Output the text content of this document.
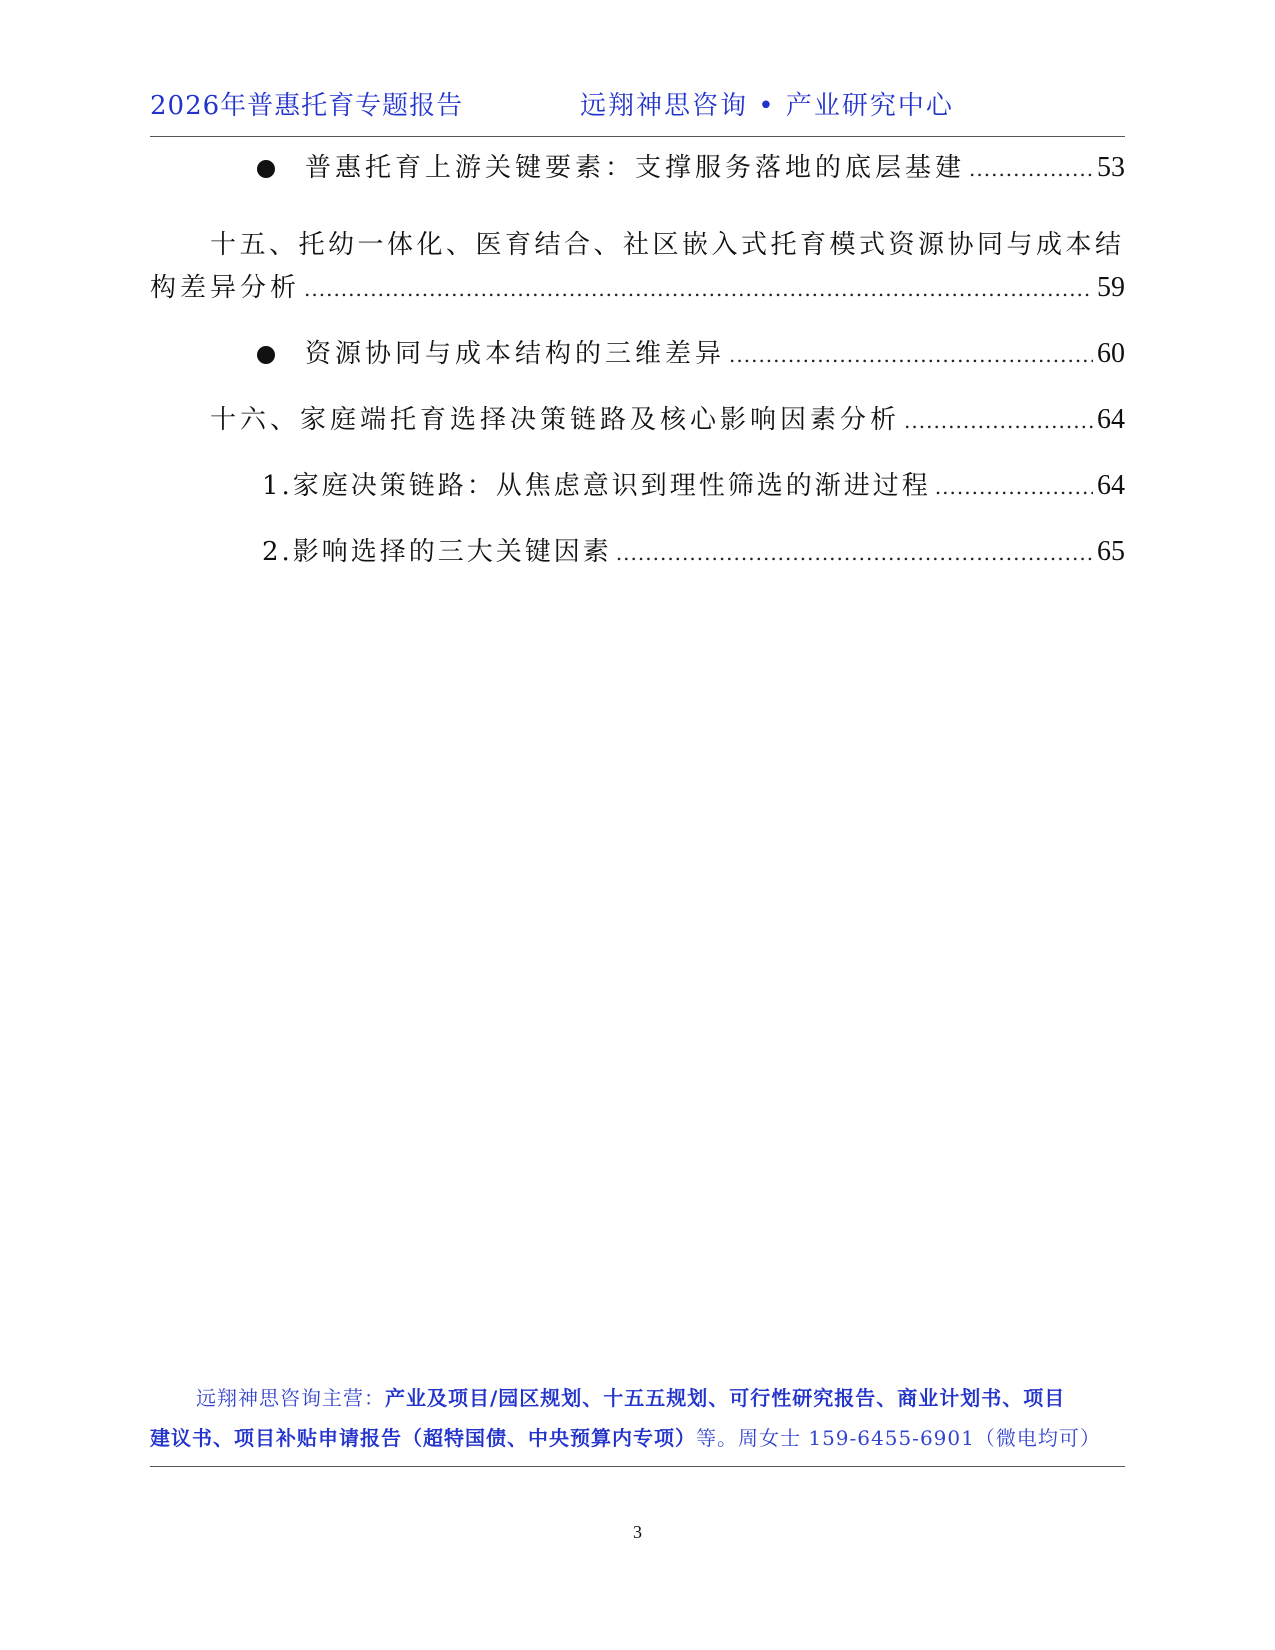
2026年普惠托育专题报告	远翔神思咨询 • 产业研究中心
普惠托育上游关键要素：支撑服务落地的底层基建 .....	53
十五、托幼一体化、医育结合、社区嵌入式托育模式资源协同与成本结
构差异分析 .....	59
资源协同与成本结构的三维差异 .....	60
十六、家庭端托育选择决策链路及核心影响因素分析 .....	64
1.家庭决策链路：从焦虑意识到理性筛选的渐进过程 .....	64
2.影响选择的三大关键因素 .....	65
远翔神思咨询主营：产业及项目/园区规划、十五五规划、可行性研究报告、商业计划书、项目
建议书、项目补贴申请报告（超特国债、中央预算内专项）等。周女士 159-6455-6901（微电均可）
3
